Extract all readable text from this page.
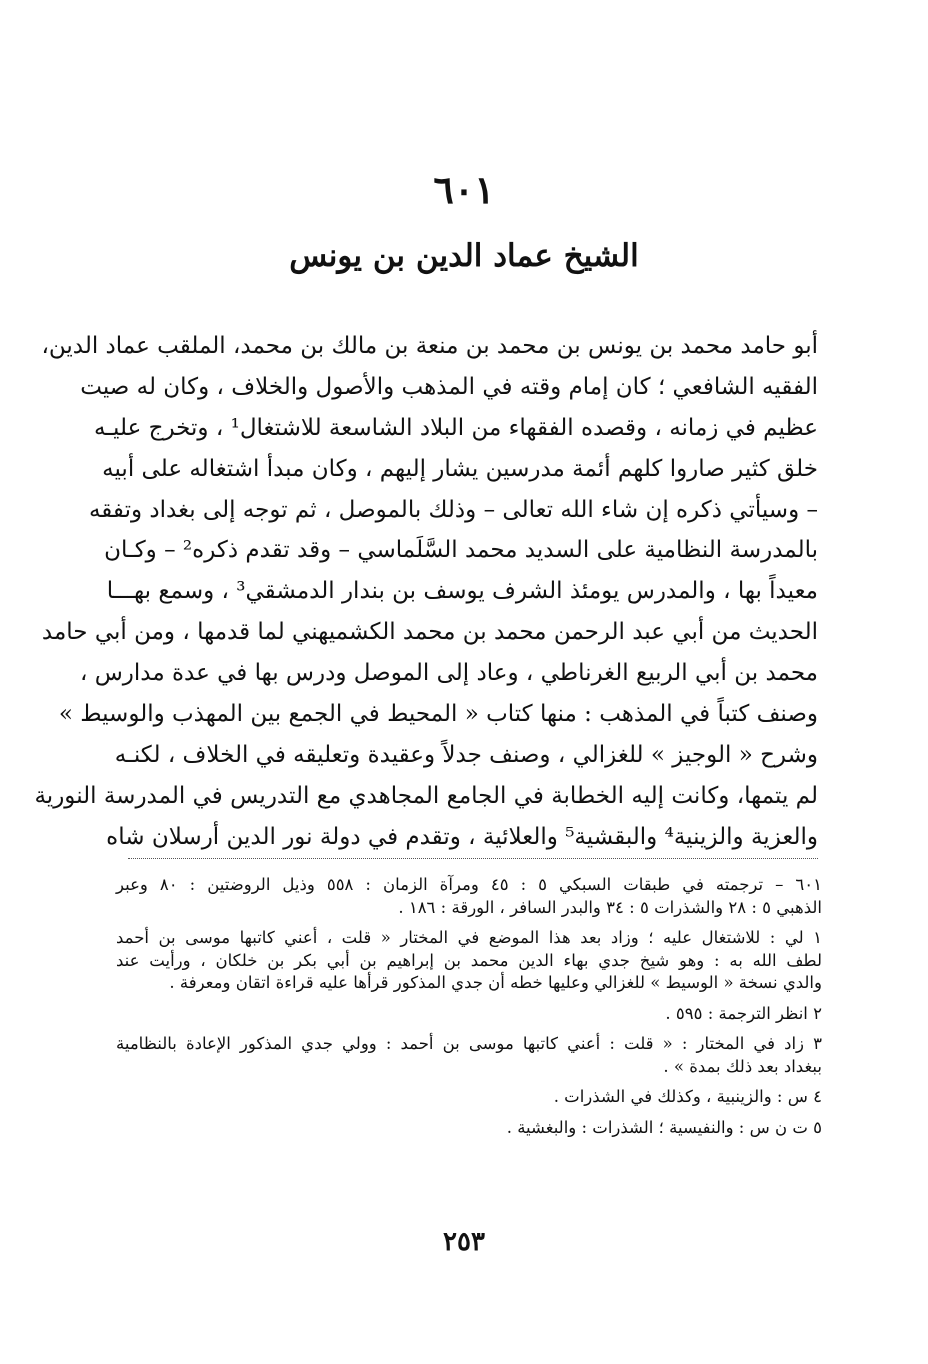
٦٠١
الشيخ عماد الدين بن يونس
أبو حامد محمد بن يونس بن محمد بن منعة بن مالك بن محمد، الملقب عماد الدين،
الفقيه الشافعي ؛ كان إمام وقته في المذهب والأصول والخلاف ، وكان له صيت
عظيم في زمانه ، وقصده الفقهاء من البلاد الشاسعة للاشتغال¹ ، وتخرج عليـه
خلق كثير صاروا كلهم أئمة مدرسين يشار إليهم ، وكان مبدأ اشتغاله على أبيه
– وسيأتي ذكره إن شاء الله تعالى – وذلك بالموصل ، ثم توجه إلى بغداد وتفقه
بالمدرسة النظامية على السديد محمد السَّلَماسي – وقد تقدم ذكره² – وكـان
معيداً بها ، والمدرس يومئذ الشرف يوسف بن بندار الدمشقي³ ، وسمع بهـــا
الحديث من أبي عبد الرحمن محمد بن محمد الكشميهني لما قدمها ، ومن أبي حامد
محمد بن أبي الربيع الغرناطي ، وعاد إلى الموصل ودرس بها في عدة مدارس ،
وصنف كتباً في المذهب : منها كتاب « المحيط في الجمع بين المهذب والوسيط »
وشرح « الوجيز » للغزالي ، وصنف جدلاً وعقيدة وتعليقه في الخلاف ، لكنـه
لم يتمها، وكانت إليه الخطابة في الجامع المجاهدي مع التدريس في المدرسة النورية
والعزية والزينية⁴ والبقشية⁵ والعلائية ، وتقدم في دولة نور الدين أرسلان شاه
٦٠١ – ترجمته في طبقات السبكي ٥ : ٤٥ ومرآة الزمان : ٥٥٨ وذيل الروضتين : ٨٠ وعبر
الذهبي ٥ : ٢٨ والشذرات ٥ : ٣٤ والبدر السافر ، الورقة : ١٨٦ .
١ لي : للاشتغال عليه ؛ وزاد بعد هذا الموضع في المختار « قلت ، أعني كاتبها موسى بن أحمد
لطف الله به : وهو شيخ جدي بهاء الدين محمد بن إبراهيم بن أبي بكر بن خلكان ، ورأيت عند
والدي نسخة « الوسيط » للغزالي وعليها خطه أن جدي المذكور قرأها عليه قراءة اتقان ومعرفة .
٢ انظر الترجمة : ٥٩٥ .
٣ زاد في المختار : « قلت : أعني كاتبها موسى بن أحمد : وولي جدي المذكور الإعادة بالنظامية
ببغداد بعد ذلك بمدة » .
٤ س : والزينبية ، وكذلك في الشذرات .
٥ ت ن س : والنفيسية ؛ الشذرات : والبغشية .
٢٥٣
